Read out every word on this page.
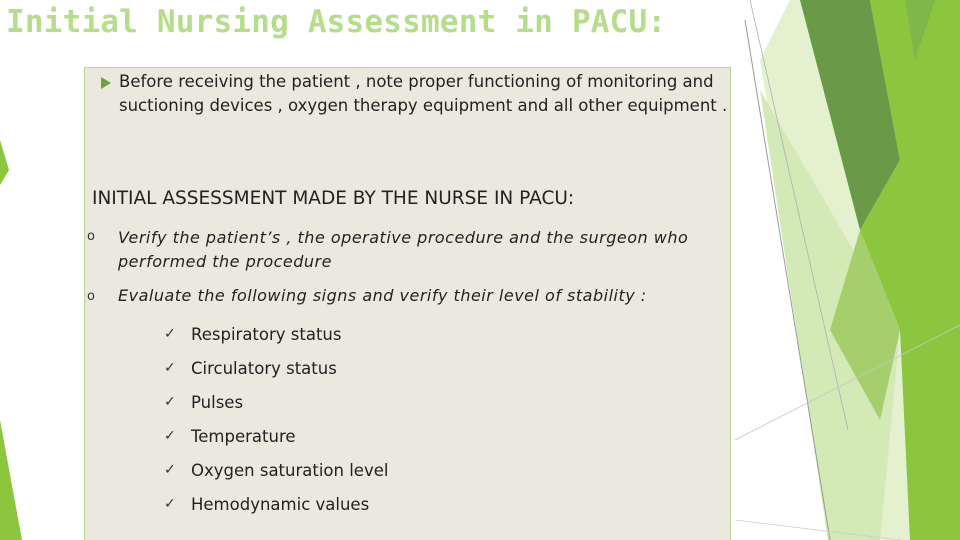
Initial Nursing Assessment in PACU:

Before receiving the patient , note proper functioning of monitoring and suctioning devices , oxygen therapy equipment and all other equipment .

INITIAL ASSESSMENT MADE BY THE NURSE IN PACU:
o Verify the patient’s , the operative procedure and the surgeon who performed the procedure

o Evaluate the following signs and verify their level of stability :

✓ Respiratory status
✓ Circulatory status
✓ Pulses
✓ Temperature
✓ Oxygen saturation level
✓ Hemodynamic values
